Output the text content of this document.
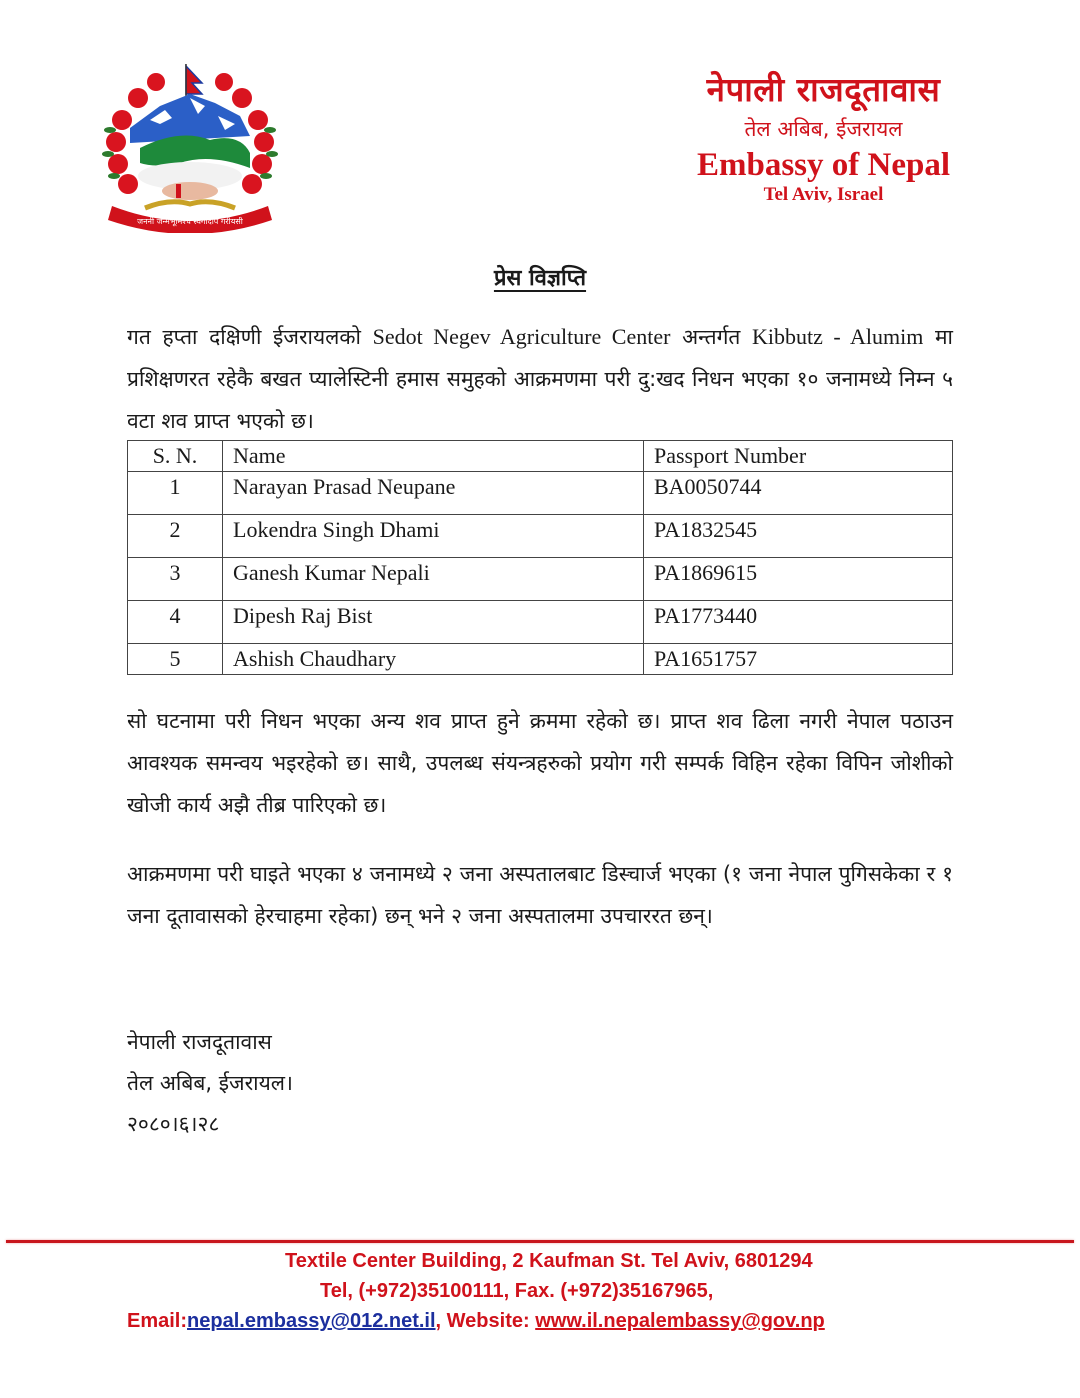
जननी जन्मभूमिश्च स्वर्गादपि गरीयसी
नेपाली राजदूतावास
तेल अबिब, ईजरायल
Embassy of Nepal
Tel Aviv, Israel
प्रेस विज्ञप्ति
गत हप्ता दक्षिणी ईजरायलको Sedot Negev Agriculture Center अन्तर्गत Kibbutz - Alumim मा प्रशिक्षणरत रहेकै बखत प्यालेस्टिनी हमास समुहको आक्रमणमा परी दु:खद निधन भएका १० जनामध्ये निम्न ५ वटा शव प्राप्त भएको छ।
S. N.	Name	Passport Number
1	Narayan Prasad Neupane	BA0050744
2	Lokendra Singh Dhami	PA1832545
3	Ganesh Kumar Nepali	PA1869615
4	Dipesh Raj Bist	PA1773440
5	Ashish Chaudhary	PA1651757
सो घटनामा परी निधन भएका अन्य शव प्राप्त हुने क्रममा रहेको छ। प्राप्त शव ढिला नगरी नेपाल पठाउन आवश्यक समन्वय भइरहेको छ। साथै, उपलब्ध संयन्त्रहरुको प्रयोग गरी सम्पर्क विहिन रहेका विपिन जोशीको खोजी कार्य अझै तीब्र पारिएको छ।
आक्रमणमा परी घाइते भएका ४ जनामध्ये २ जना अस्पतालबाट डिस्चार्ज भएका (१ जना नेपाल पुगिसकेका र १ जना दूतावासको हेरचाहमा रहेका) छन् भने २ जना अस्पतालमा उपचाररत छन्।
नेपाली राजदूतावास
तेल अबिब, ईजरायल।
२०८०।६।२८
Textile Center Building, 2 Kaufman St. Tel Aviv, 6801294
Tel, (+972)35100111, Fax. (+972)35167965,
Email:nepal.embassy@012.net.il, Website: www.il.nepalembassy@gov.np
